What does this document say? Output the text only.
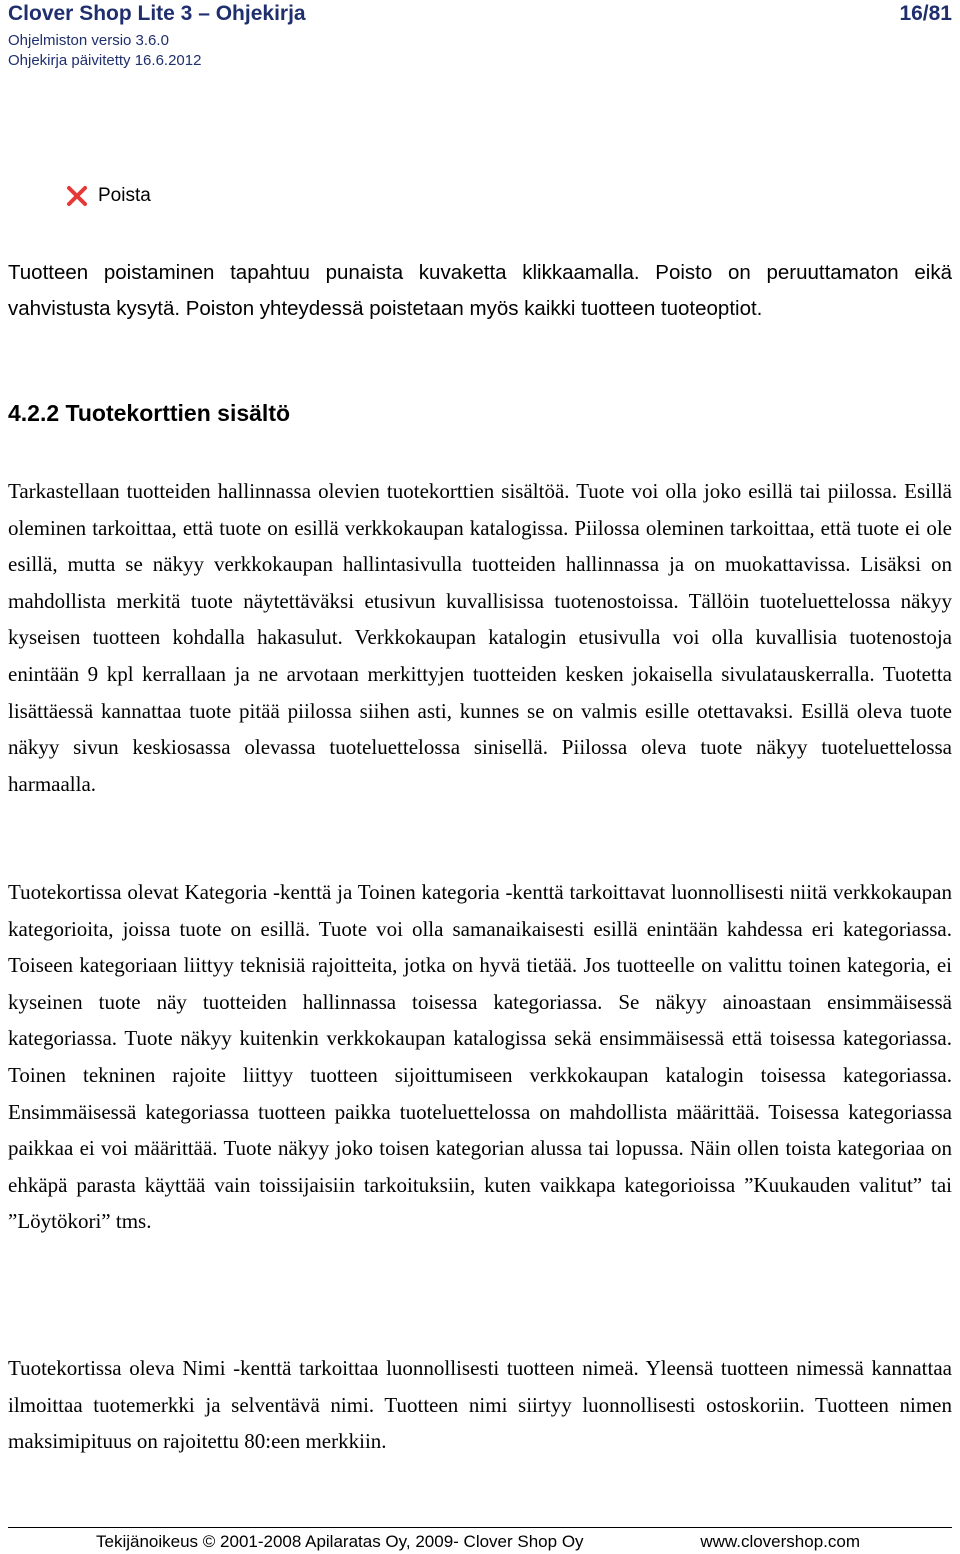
Clover Shop Lite 3 – Ohjekirja	16/81
Ohjelmiston versio 3.6.0
Ohjekirja päivitetty 16.6.2012
Poista
Tuotteen poistaminen tapahtuu punaista kuvaketta klikkaamalla. Poisto on peruuttamaton eikä vahvistusta kysytä. Poiston yhteydessä poistetaan myös kaikki tuotteen tuoteoptiot.
4.2.2 Tuotekorttien sisältö
Tarkastellaan tuotteiden hallinnassa olevien tuotekorttien sisältöä. Tuote voi olla joko esillä tai piilossa. Esillä oleminen tarkoittaa, että tuote on esillä verkkokaupan katalogissa. Piilossa oleminen tarkoittaa, että tuote ei ole esillä, mutta se näkyy verkkokaupan hallintasivulla tuotteiden hallinnassa ja on muokattavissa. Lisäksi on mahdollista merkitä tuote näytettäväksi etusivun kuvallisissa tuotenostoissa. Tällöin tuoteluettelossa näkyy kyseisen tuotteen kohdalla hakasulut. Verkkokaupan katalogin etusivulla voi olla kuvallisia tuotenostoja enintään 9 kpl kerrallaan ja ne arvotaan merkittyjen tuotteiden kesken jokaisella sivulatauskerralla. Tuotetta lisättäessä kannattaa tuote pitää piilossa siihen asti, kunnes se on valmis esille otettavaksi. Esillä oleva tuote näkyy sivun keskiosassa olevassa tuoteluettelossa sinisellä. Piilossa oleva tuote näkyy tuoteluettelossa harmaalla.
Tuotekortissa olevat Kategoria -kenttä ja Toinen kategoria -kenttä tarkoittavat luonnollisesti niitä verkkokaupan kategorioita, joissa tuote on esillä. Tuote voi olla samanaikaisesti esillä enintään kahdessa eri kategoriassa. Toiseen kategoriaan liittyy teknisiä rajoitteita, jotka on hyvä tietää. Jos tuotteelle on valittu toinen kategoria, ei kyseinen tuote näy tuotteiden hallinnassa toisessa kategoriassa. Se näkyy ainoastaan ensimmäisessä kategoriassa. Tuote näkyy kuitenkin verkkokaupan katalogissa sekä ensimmäisessä että toisessa kategoriassa. Toinen tekninen rajoite liittyy tuotteen sijoittumiseen verkkokaupan katalogin toisessa kategoriassa. Ensimmäisessä kategoriassa tuotteen paikka tuoteluettelossa on mahdollista määrittää. Toisessa kategoriassa paikkaa ei voi määrittää. Tuote näkyy joko toisen kategorian alussa tai lopussa. Näin ollen toista kategoriaa on ehkäpä parasta käyttää vain toissijaisiin tarkoituksiin, kuten vaikkapa kategorioissa ”Kuukauden valitut” tai ”Löytökori” tms.
Tuotekortissa oleva Nimi -kenttä tarkoittaa luonnollisesti tuotteen nimeä. Yleensä tuotteen nimessä kannattaa ilmoittaa tuotemerkki ja selventävä nimi. Tuotteen nimi siirtyy luonnollisesti ostoskoriin. Tuotteen nimen maksimipituus on rajoitettu 80:een merkkiin.
Tekijänoikeus © 2001-2008 Apilaratas Oy, 2009- Clover Shop Oy	www.clovershop.com
